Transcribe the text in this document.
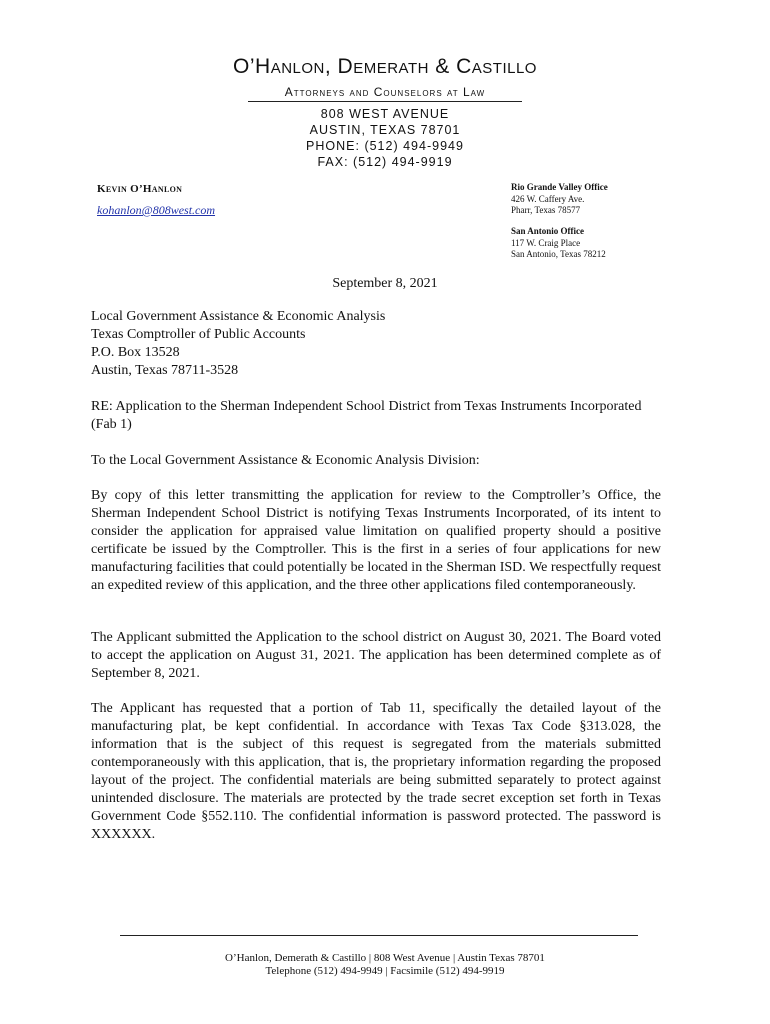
O’Hanlon, Demerath & Castillo
Attorneys and Counselors at Law
808 WEST AVENUE
AUSTIN, TEXAS 78701
PHONE: (512) 494-9949
FAX: (512) 494-9919
Kevin O’Hanlon
kohanlon@808west.com
Rio Grande Valley Office
426 W. Caffery Ave.
Pharr, Texas 78577
San Antonio Office
117 W. Craig Place
San Antonio, Texas 78212
September 8, 2021
Local Government Assistance & Economic Analysis
Texas Comptroller of Public Accounts
P.O. Box 13528
Austin, Texas 78711-3528
RE: Application to the Sherman Independent School District from Texas Instruments Incorporated (Fab 1)
To the Local Government Assistance & Economic Analysis Division:
By copy of this letter transmitting the application for review to the Comptroller’s Office, the Sherman Independent School District is notifying Texas Instruments Incorporated, of its intent to consider the application for appraised value limitation on qualified property should a positive certificate be issued by the Comptroller. This is the first in a series of four applications for new manufacturing facilities that could potentially be located in the Sherman ISD. We respectfully request an expedited review of this application, and the three other applications filed contemporaneously.
The Applicant submitted the Application to the school district on August 30, 2021. The Board voted to accept the application on August 31, 2021. The application has been determined complete as of September 8, 2021.
The Applicant has requested that a portion of Tab 11, specifically the detailed layout of the manufacturing plat, be kept confidential. In accordance with Texas Tax Code §313.028, the information that is the subject of this request is segregated from the materials submitted contemporaneously with this application, that is, the proprietary information regarding the proposed layout of the project. The confidential materials are being submitted separately to protect against unintended disclosure. The materials are protected by the trade secret exception set forth in Texas Government Code §552.110. The confidential information is password protected. The password is XXXXXX.
O’Hanlon, Demerath & Castillo | 808 West Avenue | Austin Texas 78701
Telephone (512) 494-9949 | Facsimile (512) 494-9919
